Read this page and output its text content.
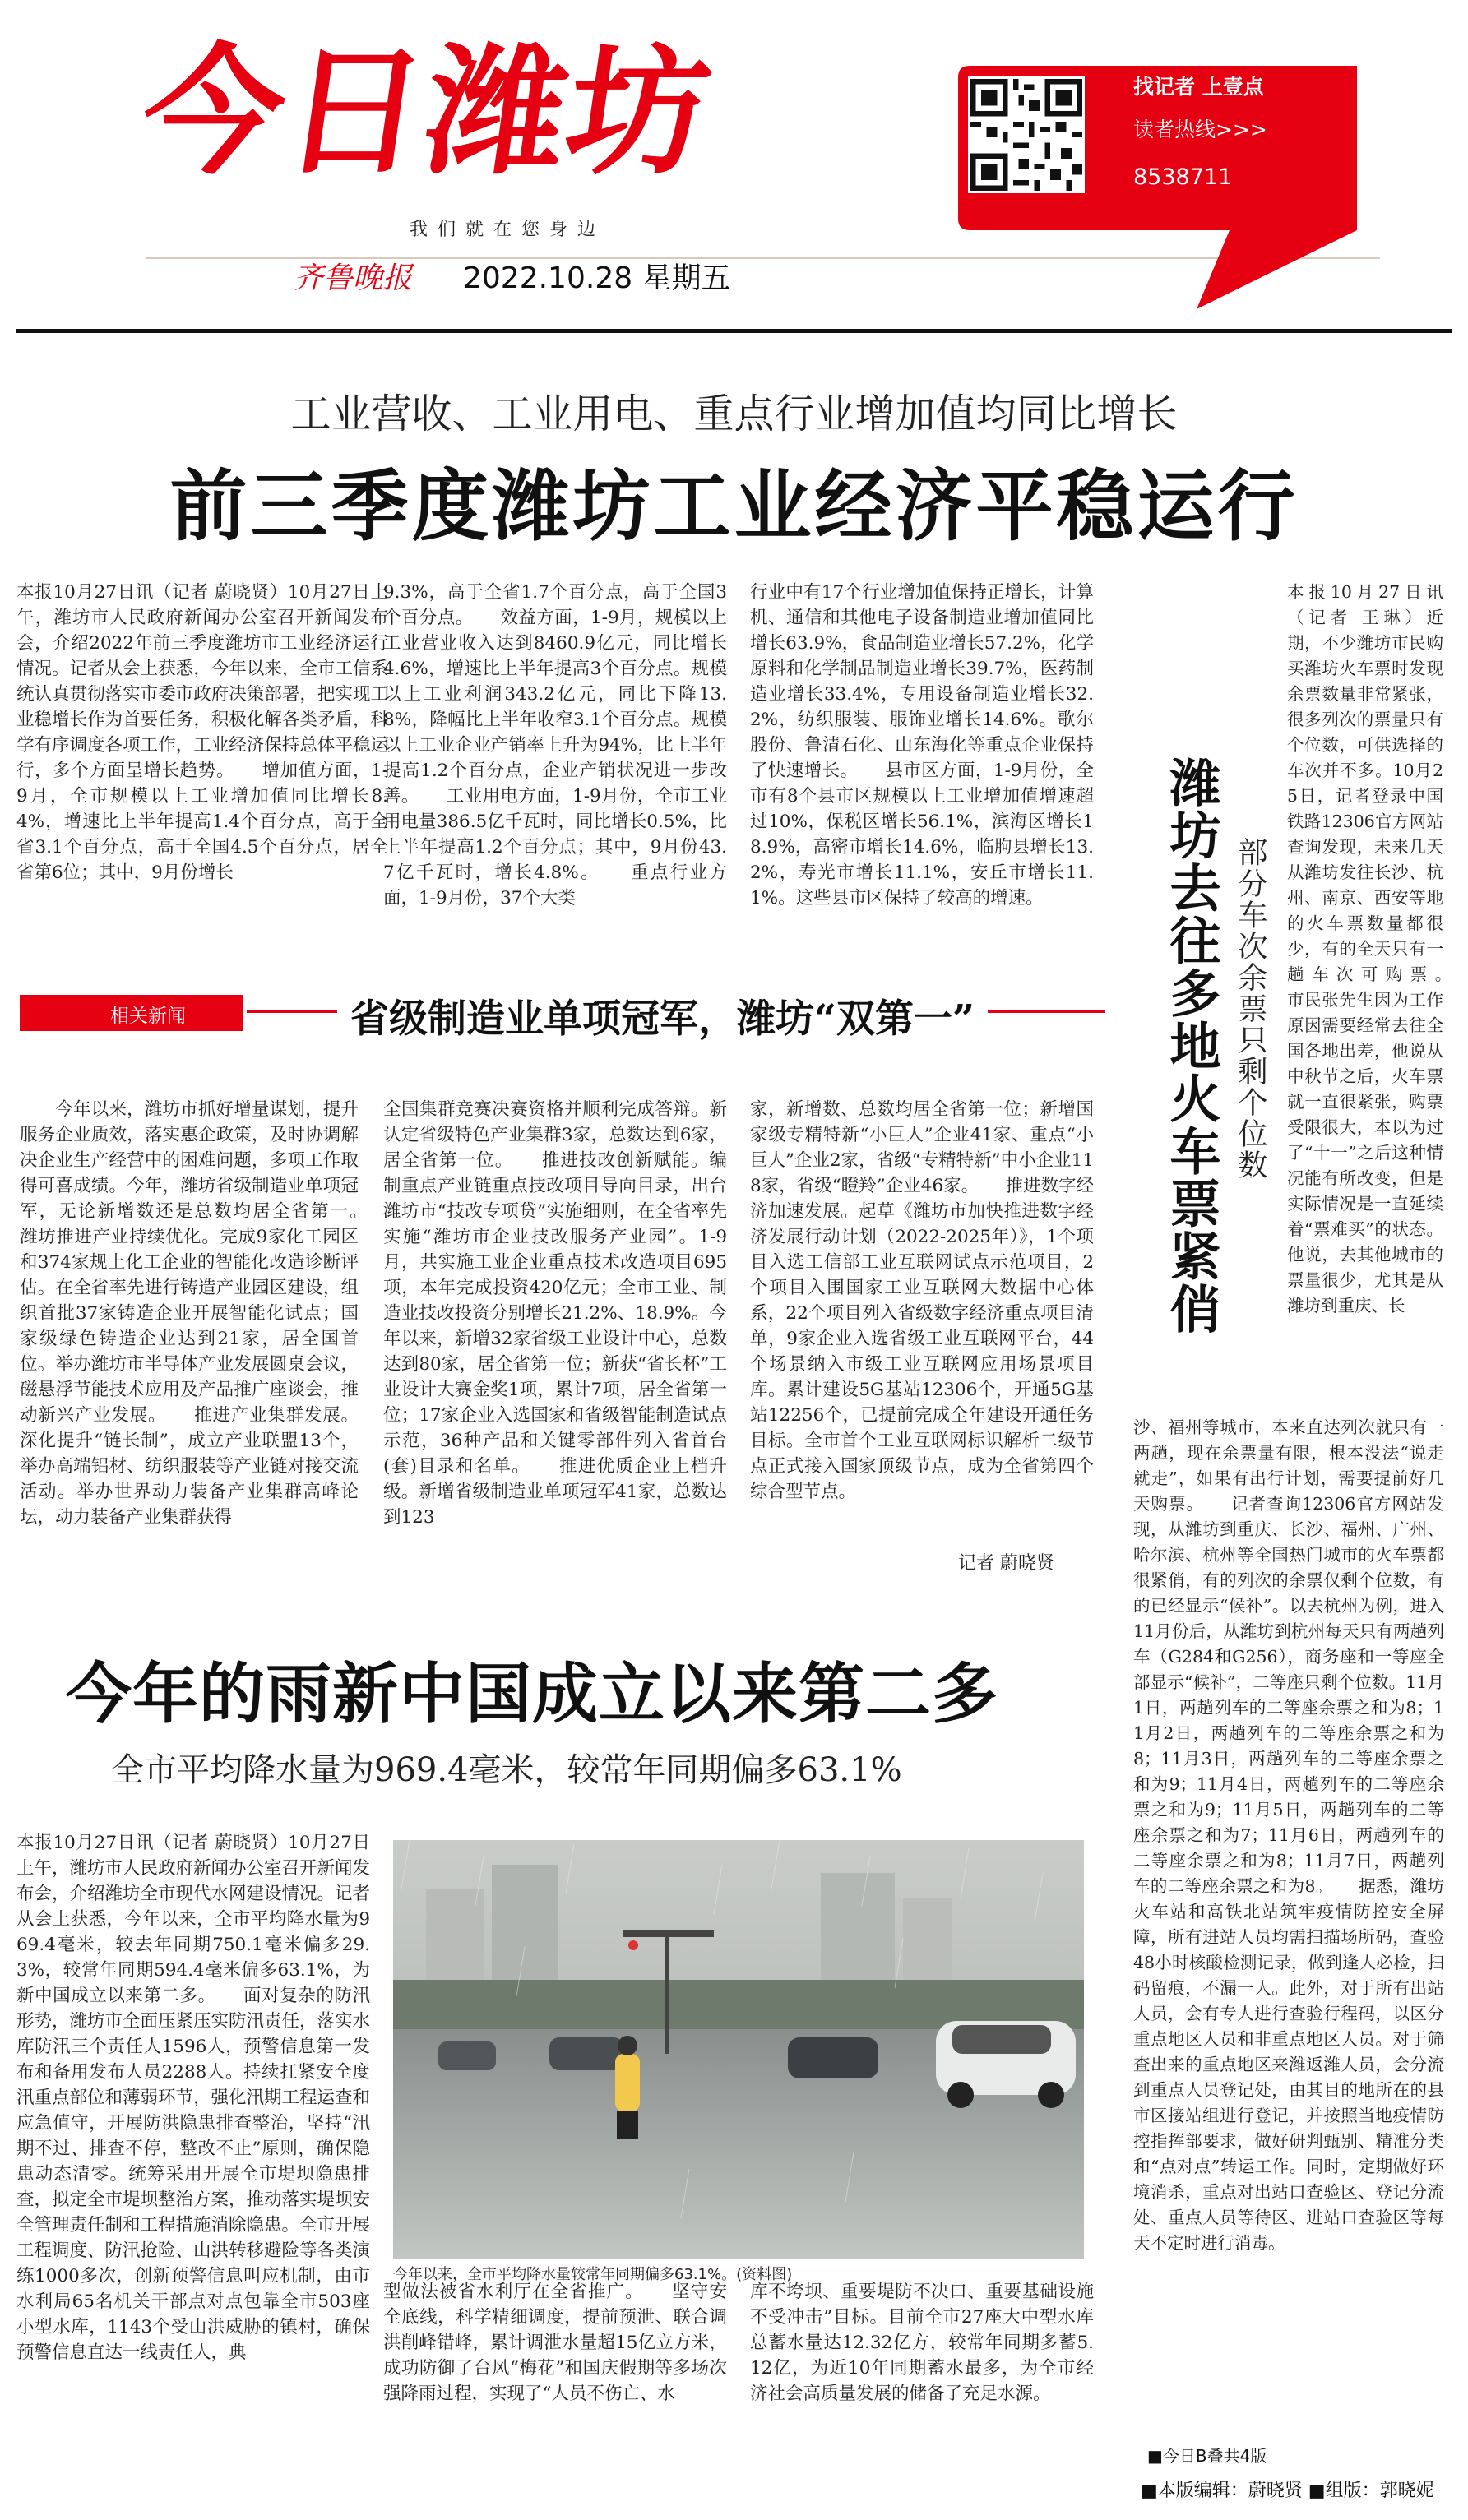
今日潍坊
我们就在您身边
齐鲁晚报 2022.10.28 星期五
找记者 上壹点
读者热线>>>
8538711
工业营收、工业用电、重点行业增加值均同比增长
前三季度潍坊工业经济平稳运行
本报10月27日讯（记者 蔚晓贤）10月27日上午，潍坊市人民政府新闻办公室召开新闻发布会，介绍2022年前三季度潍坊市工业经济运行情况。记者从会上获悉，今年以来，全市工信系统认真贯彻落实市委市政府决策部署，把实现工业稳增长作为首要任务，积极化解各类矛盾，科学有序调度各项工作，工业经济保持总体平稳运行，多个方面呈增长趋势。　　增加值方面，1-9月，全市规模以上工业增加值同比增长8.4%，增速比上半年提高1.4个百分点，高于全省3.1个百分点，高于全国4.5个百分点，居全省第6位；其中，9月份增长
9.3%，高于全省1.7个百分点，高于全国3个百分点。　　效益方面，1-9月，规模以上工业营业收入达到8460.9亿元，同比增长4.6%，增速比上半年提高3个百分点。规模以上工业利润343.2亿元，同比下降13.8%，降幅比上半年收窄3.1个百分点。规模以上工业企业产销率上升为94%，比上半年提高1.2个百分点，企业产销状况进一步改善。　　工业用电方面，1-9月份，全市工业用电量386.5亿千瓦时，同比增长0.5%，比上半年提高1.2个百分点；其中，9月份43.7亿千瓦时，增长4.8%。　　重点行业方面，1-9月份，37个大类
行业中有17个行业增加值保持正增长，计算机、通信和其他电子设备制造业增加值同比增长63.9%，食品制造业增长57.2%，化学原料和化学制品制造业增长39.7%，医药制造业增长33.4%，专用设备制造业增长32.2%，纺织服装、服饰业增长14.6%。歌尔股份、鲁清石化、山东海化等重点企业保持了快速增长。　　县市区方面，1-9月份，全市有8个县市区规模以上工业增加值增速超过10%，保税区增长56.1%，滨海区增长18.9%，高密市增长14.6%，临朐县增长13.2%，寿光市增长11.1%，安丘市增长11.1%。这些县市区保持了较高的增速。	潍坊去往多地火车票紧俏 部分车次余票只剩个位数
本报10月27日讯（记者 王琳）近期，不少潍坊市民购买潍坊火车票时发现余票数量非常紧张，很多列次的票量只有个位数，可供选择的车次并不多。10月25日，记者登录中国铁路12306官方网站查询发现，未来几天从潍坊发往长沙、杭州、南京、西安等地的火车票数量都很少，有的全天只有一趟车次可购票。　　市民张先生因为工作原因需要经常去往全国各地出差，他说从中秋节之后，火车票就一直很紧张，购票受限很大，本以为过了“十一”之后这种情况能有所改变，但是实际情况是一直延续着“票难买”的状态。他说，去其他城市的票量很少，尤其是从潍坊到重庆、长
沙、福州等城市，本来直达列次就只有一两趟，现在余票量有限，根本没法“说走就走”，如果有出行计划，需要提前好几天购票。　　记者查询12306官方网站发现，从潍坊到重庆、长沙、福州、广州、哈尔滨、杭州等全国热门城市的火车票都很紧俏，有的列次的余票仅剩个位数，有的已经显示“候补”。以去杭州为例，进入11月份后，从潍坊到杭州每天只有两趟列车（G284和G256），商务座和一等座全部显示“候补”，二等座只剩个位数。11月1日，两趟列车的二等座余票之和为8；11月2日，两趟列车的二等座余票之和为8；11月3日，两趟列车的二等座余票之和为9；11月4日，两趟列车的二等座余票之和为9；11月5日，两趟列车的二等座余票之和为7；11月6日，两趟列车的二等座余票之和为8；11月7日，两趟列车的二等座余票之和为8。　　据悉，潍坊火车站和高铁北站筑牢疫情防控安全屏障，所有进站人员均需扫描场所码，查验48小时核酸检测记录，做到逢人必检，扫码留痕，不漏一人。此外，对于所有出站人员，会有专人进行查验行程码，以区分重点地区人员和非重点地区人员。对于筛查出来的重点地区来潍返潍人员，会分流到重点人员登记处，由其目的地所在的县市区接站组进行登记，并按照当地疫情防控指挥部要求，做好研判甄别、精准分类和“点对点”转运工作。同时，定期做好环境消杀，重点对出站口查验区、登记分流处、重点人员等待区、进站口查验区等每天不定时进行消毒。
相关新闻	省级制造业单项冠军，潍坊“双第一”
　　今年以来，潍坊市抓好增量谋划，提升服务企业质效，落实惠企政策，及时协调解决企业生产经营中的困难问题，多项工作取得可喜成绩。今年，潍坊省级制造业单项冠军，无论新增数还是总数均居全省第一。　　潍坊推进产业持续优化。完成9家化工园区和374家规上化工企业的智能化改造诊断评估。在全省率先进行铸造产业园区建设，组织首批37家铸造企业开展智能化试点；国家级绿色铸造企业达到21家，居全国首位。举办潍坊市半导体产业发展圆桌会议，磁悬浮节能技术应用及产品推广座谈会，推动新兴产业发展。　　推进产业集群发展。深化提升“链长制”，成立产业联盟13个，举办高端铝材、纺织服装等产业链对接交流活动。举办世界动力装备产业集群高峰论坛，动力装备产业集群获得
全国集群竞赛决赛资格并顺利完成答辩。新认定省级特色产业集群3家，总数达到6家，居全省第一位。　　推进技改创新赋能。编制重点产业链重点技改项目导向目录，出台潍坊市“技改专项贷”实施细则，在全省率先实施“潍坊市企业技改服务产业园”。1-9月，共实施工业企业重点技术改造项目695项，本年完成投资420亿元；全市工业、制造业技改投资分别增长21.2%、18.9%。今年以来，新增32家省级工业设计中心，总数达到80家，居全省第一位；新获“省长杯”工业设计大赛金奖1项，累计7项，居全省第一位；17家企业入选国家和省级智能制造试点示范，36种产品和关键零部件列入省首台(套)目录和名单。　　推进优质企业上档升级。新增省级制造业单项冠军41家，总数达到123
家，新增数、总数均居全省第一位；新增国家级专精特新“小巨人”企业41家、重点“小巨人”企业2家，省级“专精特新”中小企业118家，省级“瞪羚”企业46家。　　推进数字经济加速发展。起草《潍坊市加快推进数字经济发展行动计划（2022-2025年）》，1个项目入选工信部工业互联网试点示范项目，2个项目入围国家工业互联网大数据中心体系，22个项目列入省级数字经济重点项目清单，9家企业入选省级工业互联网平台，44个场景纳入市级工业互联网应用场景项目库。累计建设5G基站12306个，开通5G基站12256个，已提前完成全年建设开通任务目标。全市首个工业互联网标识解析二级节点正式接入国家顶级节点，成为全省第四个综合型节点。
记者 蔚晓贤
今年的雨新中国成立以来第二多
全市平均降水量为969.4毫米，较常年同期偏多63.1%
本报10月27日讯（记者 蔚晓贤）10月27日上午，潍坊市人民政府新闻办公室召开新闻发布会，介绍潍坊全市现代水网建设情况。记者从会上获悉，今年以来，全市平均降水量为969.4毫米，较去年同期750.1毫米偏多29.3%，较常年同期594.4毫米偏多63.1%，为新中国成立以来第二多。　　面对复杂的防汛形势，潍坊市全面压紧压实防汛责任，落实水库防汛三个责任人1596人，预警信息第一发布和备用发布人员2288人。持续扛紧安全度汛重点部位和薄弱环节，强化汛期工程运查和应急值守，开展防洪隐患排查整治，坚持“汛期不过、排查不停，整改不止”原则，确保隐患动态清零。统筹采用开展全市堤坝隐患排查，拟定全市堤坝整治方案，推动落实堤坝安全管理责任制和工程措施消除隐患。全市开展工程调度、防汛抢险、山洪转移避险等各类演练1000多次，创新预警信息叫应机制，由市水利局65名机关干部点对点包靠全市503座小型水库，1143个受山洪威胁的镇村，确保预警信息直达一线责任人，典
今年以来，全市平均降水量较常年同期偏多63.1%。(资料图)
型做法被省水利厅在全省推广。　　坚守安全底线，科学精细调度，提前预泄、联合调洪削峰错峰，累计调泄水量超15亿立方米，成功防御了台风“梅花”和国庆假期等多场次强降雨过程，实现了“人员不伤亡、水
库不垮坝、重要堤防不决口、重要基础设施不受冲击”目标。目前全市27座大中型水库总蓄水量达12.32亿方，较常年同期多蓄5.12亿，为近10年同期蓄水最多，为全市经济社会高质量发展的储备了充足水源。
■今日B叠共4版
■本版编辑：蔚晓贤 ■组版：郭晓妮
